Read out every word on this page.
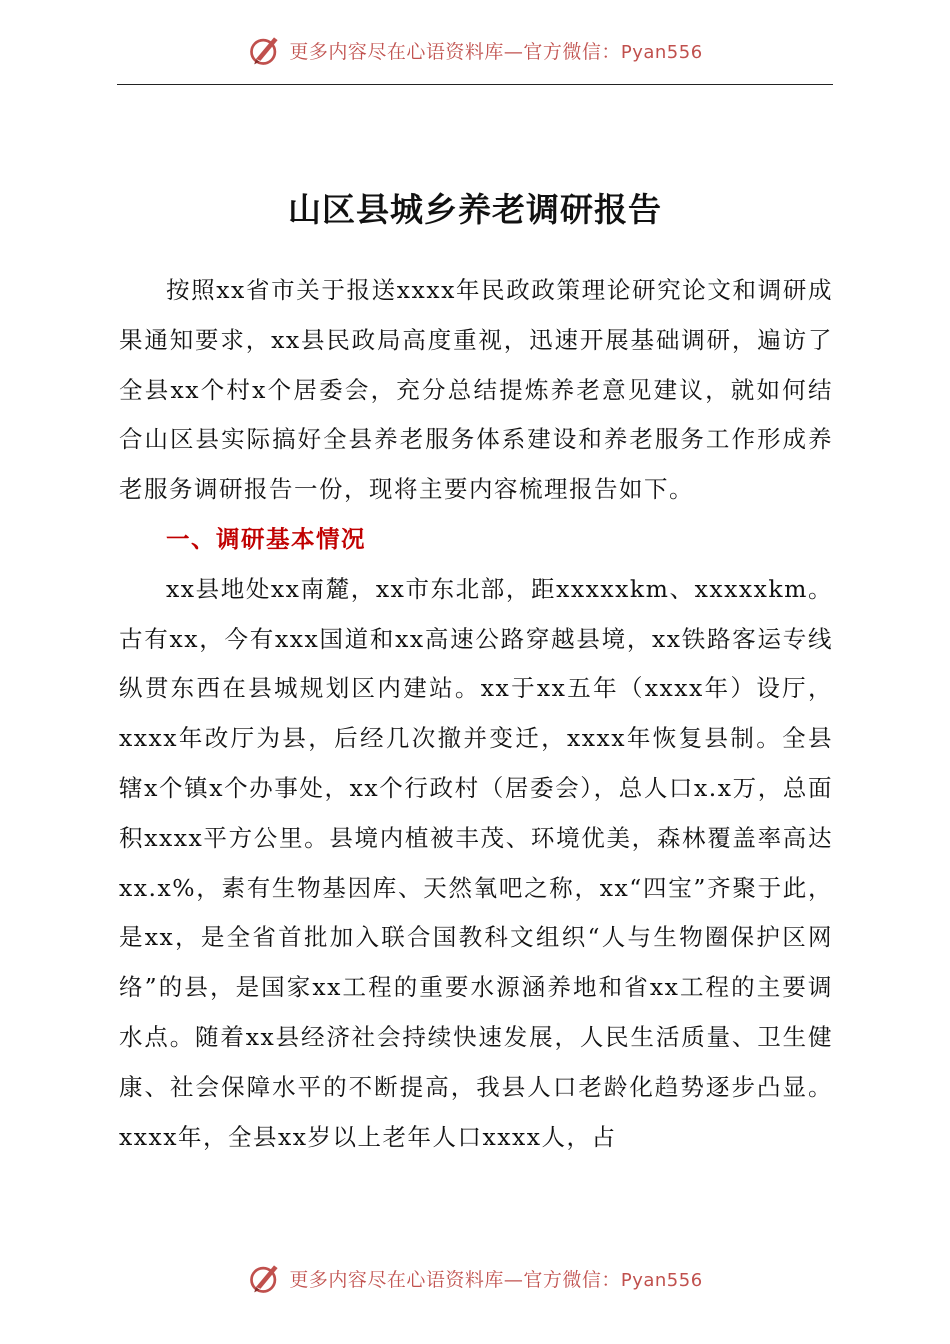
更多内容尽在心语资料库—官方微信：Pyan556
山区县城乡养老调研报告

按照xx省市关于报送xxxx年民政政策理论研究论文和调研成果通知要求，xx县民政局高度重视，迅速开展基础调研，遍访了全县xx个村x个居委会，充分总结提炼养老意见建议，就如何结合山区县实际搞好全县养老服务体系建设和养老服务工作形成养老服务调研报告一份，现将主要内容梳理报告如下。

一、调研基本情况

xx县地处xx南麓，xx市东北部，距xxxxxkm、xxxxxkm。古有xx，今有xxx国道和xx高速公路穿越县境，xx铁路客运专线纵贯东西在县城规划区内建站。xx于xx五年（xxxx年）设厅，xxxx年改厅为县，后经几次撤并变迁，xxxx年恢复县制。全县辖x个镇x个办事处，xx个行政村（居委会），总人口x.x万，总面积xxxx平方公里。县境内植被丰茂、环境优美，森林覆盖率高达xx.x%，素有生物基因库、天然氧吧之称，xx“四宝”齐聚于此，是xx，是全省首批加入联合国教科文组织“人与生物圈保护区网络”的县，是国家xx工程的重要水源涵养地和省xx工程的主要调水点。随着xx县经济社会持续快速发展，人民生活质量、卫生健康、社会保障水平的不断提高，我县人口老龄化趋势逐步凸显。xxxx年，全县xx岁以上老年人口xxxx人，占

更多内容尽在心语资料库—官方微信：Pyan556
